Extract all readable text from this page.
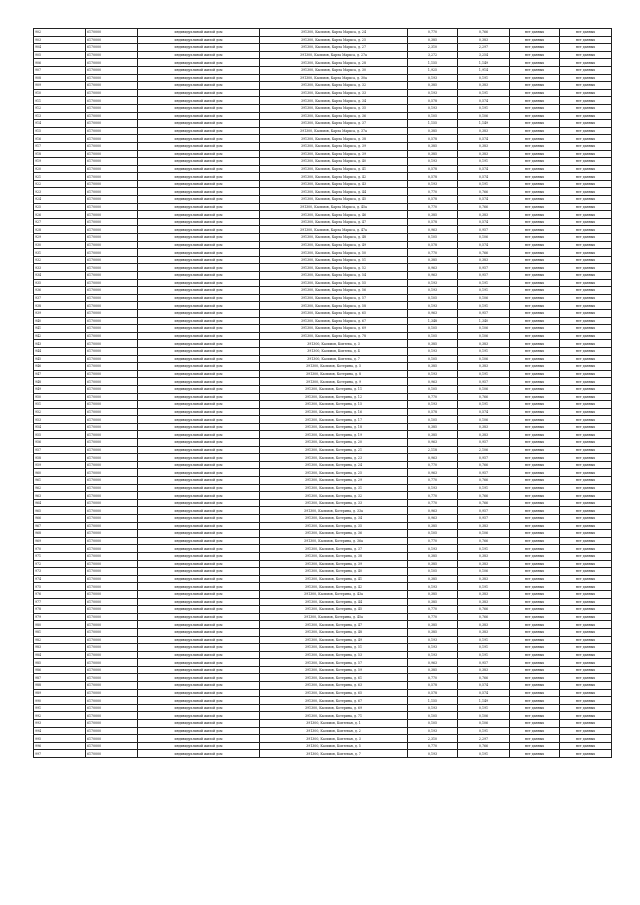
902	6170000	индивидуальный жилой дом	391300, Касимов, Карла Маркса, д. 24	0,770	0,766	нет данных	нет данных
903	6170000	индивидуальный жилой дом	391300, Касимов, Карла Маркса, д. 25	0,385	0,383	нет данных	нет данных
904	6170000	индивидуальный жилой дом	391300, Касимов, Карла Маркса, д. 27	2,310	2,297	нет данных	нет данных
905	6170000	индивидуальный жилой дом	391300, Касимов, Карла Маркса, д. 27а	3,272	3,254	нет данных	нет данных
906	6170000	индивидуальный жилой дом	391300, Касимов, Карла Маркса, д. 28	1,155	1,149	нет данных	нет данных
907	6170000	индивидуальный жилой дом	391300, Касимов, Карла Маркса, д. 30	1,925	1,914	нет данных	нет данных
908	6170000	индивидуальный жилой дом	391300, Касимов, Карла Маркса, д. 30а	0,193	0,191	нет данных	нет данных
909	6170000	индивидуальный жилой дом	391300, Касимов, Карла Маркса, д. 32	0,385	0,383	нет данных	нет данных
910	6170000	индивидуальный жилой дом	391300, Касимов, Карла Маркса, д. 33	0,193	0,191	нет данных	нет данных
911	6170000	индивидуальный жилой дом	391300, Касимов, Карла Маркса, д. 34	0,578	0,574	нет данных	нет данных
912	6170000	индивидуальный жилой дом	391300, Касимов, Карла Маркса, д. 35	0,193	0,191	нет данных	нет данных
913	6170000	индивидуальный жилой дом	391300, Касимов, Карла Маркса, д. 36	0,105	0,106	нет данных	нет данных
914	6170000	индивидуальный жилой дом	391300, Касимов, Карла Маркса, д. 37	1,155	1,149	нет данных	нет данных
915	6170000	индивидуальный жилой дом	391300, Касимов, Карла Маркса, д. 37а	0,385	0,383	нет данных	нет данных
916	6170000	индивидуальный жилой дом	391300, Касимов, Карла Маркса, д. 38	0,578	0,574	нет данных	нет данных
917	6170000	индивидуальный жилой дом	391300, Касимов, Карла Маркса, д. 39	0,385	0,383	нет данных	нет данных
918	6170000	индивидуальный жилой дом	391300, Касимов, Карла Маркса, д. 39	0,385	0,383	нет данных	нет данных
919	6170000	индивидуальный жилой дом	391300, Касимов, Карла Маркса, д. 40	0,193	0,191	нет данных	нет данных
920	6170000	индивидуальный жилой дом	391300, Касимов, Карла Маркса, д. 41	0,578	0,574	нет данных	нет данных
921	6170000	индивидуальный жилой дом	391300, Касимов, Карла Маркса, д. 42	0,578	0,574	нет данных	нет данных
922	6170000	индивидуальный жилой дом	391300, Касимов, Карла Маркса, д. 43	0,193	0,191	нет данных	нет данных
923	6170000	индивидуальный жилой дом	391300, Касимов, Карла Маркса, д. 44	0,770	0,766	нет данных	нет данных
924	6170000	индивидуальный жилой дом	391300, Касимов, Карла Маркса, д. 45	0,578	0,574	нет данных	нет данных
925	6170000	индивидуальный жилой дом	391300, Касимов, Карла Маркса, д. 45а	0,770	0,766	нет данных	нет данных
926	6170000	индивидуальный жилой дом	391300, Касимов, Карла Маркса, д. 46	0,385	0,383	нет данных	нет данных
927	6170000	индивидуальный жилой дом	391300, Касимов, Карла Маркса, д. 47	0,578	0,574	нет данных	нет данных
928	6170000	индивидуальный жилой дом	391300, Касимов, Карла Маркса, д. 47а	0,963	0,957	нет данных	нет данных
929	6170000	индивидуальный жилой дом	391300, Касимов, Карла Маркса, д. 48	0,105	0,106	нет данных	нет данных
930	6170000	индивидуальный жилой дом	391300, Касимов, Карла Маркса, д. 49	0,578	0,574	нет данных	нет данных
931	6170000	индивидуальный жилой дом	391300, Касимов, Карла Маркса, д. 50	0,770	0,766	нет данных	нет данных
932	6170000	индивидуальный жилой дом	391300, Касимов, Карла Маркса, д. 51	0,385	0,383	нет данных	нет данных
933	6170000	индивидуальный жилой дом	391300, Касимов, Карла Маркса, д. 52	0,963	0,957	нет данных	нет данных
934	6170000	индивидуальный жилой дом	391300, Касимов, Карла Маркса, д. 54	0,963	0,957	нет данных	нет данных
935	6170000	индивидуальный жилой дом	391300, Касимов, Карла Маркса, д. 55	0,193	0,191	нет данных	нет данных
936	6170000	индивидуальный жилой дом	391300, Касимов, Карла Маркса, д. 56	0,193	0,191	нет данных	нет данных
937	6170000	индивидуальный жилой дом	391300, Касимов, Карла Маркса, д. 57	0,105	0,106	нет данных	нет данных
938	6170000	индивидуальный жилой дом	391300, Касимов, Карла Маркса, д. 58	0,193	0,191	нет данных	нет данных
939	6170000	индивидуальный жилой дом	391300, Касимов, Карла Маркса, д. 65	0,963	0,957	нет данных	нет данных
940	6170000	индивидуальный жилой дом	391300, Касимов, Карла Маркса, д. 67	1,348	1,340	нет данных	нет данных
941	6170000	индивидуальный жилой дом	391300, Касимов, Карла Маркса, д. 69	0,105	0,106	нет данных	нет данных
942	6170000	индивидуальный жилой дом	391300, Касимов, Карла Маркса, д. 78	0,105	0,106	нет данных	нет данных
943	6170000	индивидуальный жилой дом	391300, Касимов, Коптева, д. 3	0,385	0,383	нет данных	нет данных
944	6170000	индивидуальный жилой дом	391300, Касимов, Коптева, д. 4	0,193	0,191	нет данных	нет данных
945	6170000	индивидуальный жилой дом	391300, Касимов, Коптева, д. 7	0,105	0,106	нет данных	нет данных
946	6170000	индивидуальный жилой дом	391300, Касимов, Котерина, д. 5	0,385	0,383	нет данных	нет данных
947	6170000	индивидуальный жилой дом	391300, Касимов, Котерина, д. 8	0,193	0,191	нет данных	нет данных
948	6170000	индивидуальный жилой дом	391300, Касимов, Котерина, д. 9	0,963	0,957	нет данных	нет данных
949	6170000	индивидуальный жилой дом	391300, Касимов, Котерина, д. 11	0,105	0,106	нет данных	нет данных
950	6170000	индивидуальный жилой дом	391300, Касимов, Котерина, д. 12	0,770	0,766	нет данных	нет данных
951	6170000	индивидуальный жилой дом	391300, Касимов, Котерина, д. 15	0,193	0,191	нет данных	нет данных
952	6170000	индивидуальный жилой дом	391300, Касимов, Котерина, д. 16	0,578	0,574	нет данных	нет данных
953	6170000	индивидуальный жилой дом	391300, Касимов, Котерина, д. 17	0,105	0,106	нет данных	нет данных
954	6170000	индивидуальный жилой дом	391300, Касимов, Котерина, д. 18	0,385	0,383	нет данных	нет данных
955	6170000	индивидуальный жилой дом	391300, Касимов, Котерина, д. 19	0,385	0,383	нет данных	нет данных
956	6170000	индивидуальный жилой дом	391300, Касимов, Котерина, д. 20	0,963	0,957	нет данных	нет данных
957	6170000	индивидуальный жилой дом	391300, Касимов, Котерина, д. 21	2,118	2,106	нет данных	нет данных
958	6170000	индивидуальный жилой дом	391300, Касимов, Котерина, д. 23	0,963	0,957	нет данных	нет данных
959	6170000	индивидуальный жилой дом	391300, Касимов, Котерина, д. 24	0,770	0,766	нет данных	нет данных
960	6170000	индивидуальный жилой дом	391300, Касимов, Котерина, д. 25	0,963	0,957	нет данных	нет данных
961	6170000	индивидуальный жилой дом	391300, Касимов, Котерина, д. 29	0,770	0,766	нет данных	нет данных
962	6170000	индивидуальный жилой дом	391300, Касимов, Котерина, д. 31	0,193	0,191	нет данных	нет данных
963	6170000	индивидуальный жилой дом	391300, Касимов, Котерина, д. 32	0,770	0,766	нет данных	нет данных
964	6170000	индивидуальный жилой дом	391300, Касимов, Котерина, д. 33	0,770	0,766	нет данных	нет данных
965	6170000	индивидуальный жилой дом	391300, Касимов, Котерина, д. 33а	0,963	0,957	нет данных	нет данных
966	6170000	индивидуальный жилой дом	391300, Касимов, Котерина, д. 34	0,963	0,957	нет данных	нет данных
967	6170000	индивидуальный жилой дом	391300, Касимов, Котерина, д. 35	0,385	0,383	нет данных	нет данных
968	6170000	индивидуальный жилой дом	391300, Касимов, Котерина, д. 36	0,105	0,106	нет данных	нет данных
969	6170000	индивидуальный жилой дом	391300, Касимов, Котерина, д. 36а	0,770	0,766	нет данных	нет данных
970	6170000	индивидуальный жилой дом	391300, Касимов, Котерина, д. 37	0,193	0,191	нет данных	нет данных
971	6170000	индивидуальный жилой дом	391300, Касимов, Котерина, д. 38	0,385	0,383	нет данных	нет данных
972	6170000	индивидуальный жилой дом	391300, Касимов, Котерина, д. 39	0,385	0,383	нет данных	нет данных
973	6170000	индивидуальный жилой дом	391300, Касимов, Котерина, д. 40	0,105	0,106	нет данных	нет данных
974	6170000	индивидуальный жилой дом	391300, Касимов, Котерина, д. 41	0,385	0,383	нет данных	нет данных
975	6170000	индивидуальный жилой дом	391300, Касимов, Котерина, д. 42	0,193	0,191	нет данных	нет данных
976	6170000	индивидуальный жилой дом	391300, Касимов, Котерина, д. 43а	0,385	0,383	нет данных	нет данных
977	6170000	индивидуальный жилой дом	391300, Касимов, Котерина, д. 44	0,385	0,383	нет данных	нет данных
978	6170000	индивидуальный жилой дом	391300, Касимов, Котерина, д. 45	0,770	0,766	нет данных	нет данных
979	6170000	индивидуальный жилой дом	391300, Касимов, Котерина, д. 45а	0,770	0,766	нет данных	нет данных
980	6170000	индивидуальный жилой дом	391300, Касимов, Котерина, д. 47	0,385	0,383	нет данных	нет данных
981	6170000	индивидуальный жилой дом	391300, Касимов, Котерина, д. 48	0,385	0,383	нет данных	нет данных
982	6170000	индивидуальный жилой дом	391300, Касимов, Котерина, д. 49	0,193	0,191	нет данных	нет данных
983	6170000	индивидуальный жилой дом	391300, Касимов, Котерина, д. 51	0,193	0,191	нет данных	нет данных
984	6170000	индивидуальный жилой дом	391300, Касимов, Котерина, д. 53	0,193	0,191	нет данных	нет данных
985	6170000	индивидуальный жилой дом	391300, Касимов, Котерина, д. 57	0,963	0,957	нет данных	нет данных
986	6170000	индивидуальный жилой дом	391300, Касимов, Котерина, д. 59	0,385	0,383	нет данных	нет данных
987	6170000	индивидуальный жилой дом	391300, Касимов, Котерина, д. 61	0,770	0,766	нет данных	нет данных
988	6170000	индивидуальный жилой дом	391300, Касимов, Котерина, д. 63	0,578	0,574	нет данных	нет данных
989	6170000	индивидуальный жилой дом	391300, Касимов, Котерина, д. 65	0,578	0,574	нет данных	нет данных
990	6170000	индивидуальный жилой дом	391300, Касимов, Котерина, д. 67	1,155	1,149	нет данных	нет данных
991	6170000	индивидуальный жилой дом	391300, Касимов, Котерина, д. 69	0,193	0,191	нет данных	нет данных
992	6170000	индивидуальный жилой дом	391300, Касимов, Котерина, д. 71	0,105	0,106	нет данных	нет данных
993	6170000	индивидуальный жилой дом	391300, Касимов, Коптевая, д. 1	0,105	0,106	нет данных	нет данных
994	6170000	индивидуальный жилой дом	391300, Касимов, Коптевая, д. 2	0,193	0,191	нет данных	нет данных
995	6170000	индивидуальный жилой дом	391300, Касимов, Коптевая, д. 3	2,310	2,297	нет данных	нет данных
996	6170000	индивидуальный жилой дом	391300, Касимов, Коптевая, д. 5	0,770	0,766	нет данных	нет данных
997	6170000	индивидуальный жилой дом	391300, Касимов, Коптевая, д. 7	0,193	0,191	нет данных	нет данных
